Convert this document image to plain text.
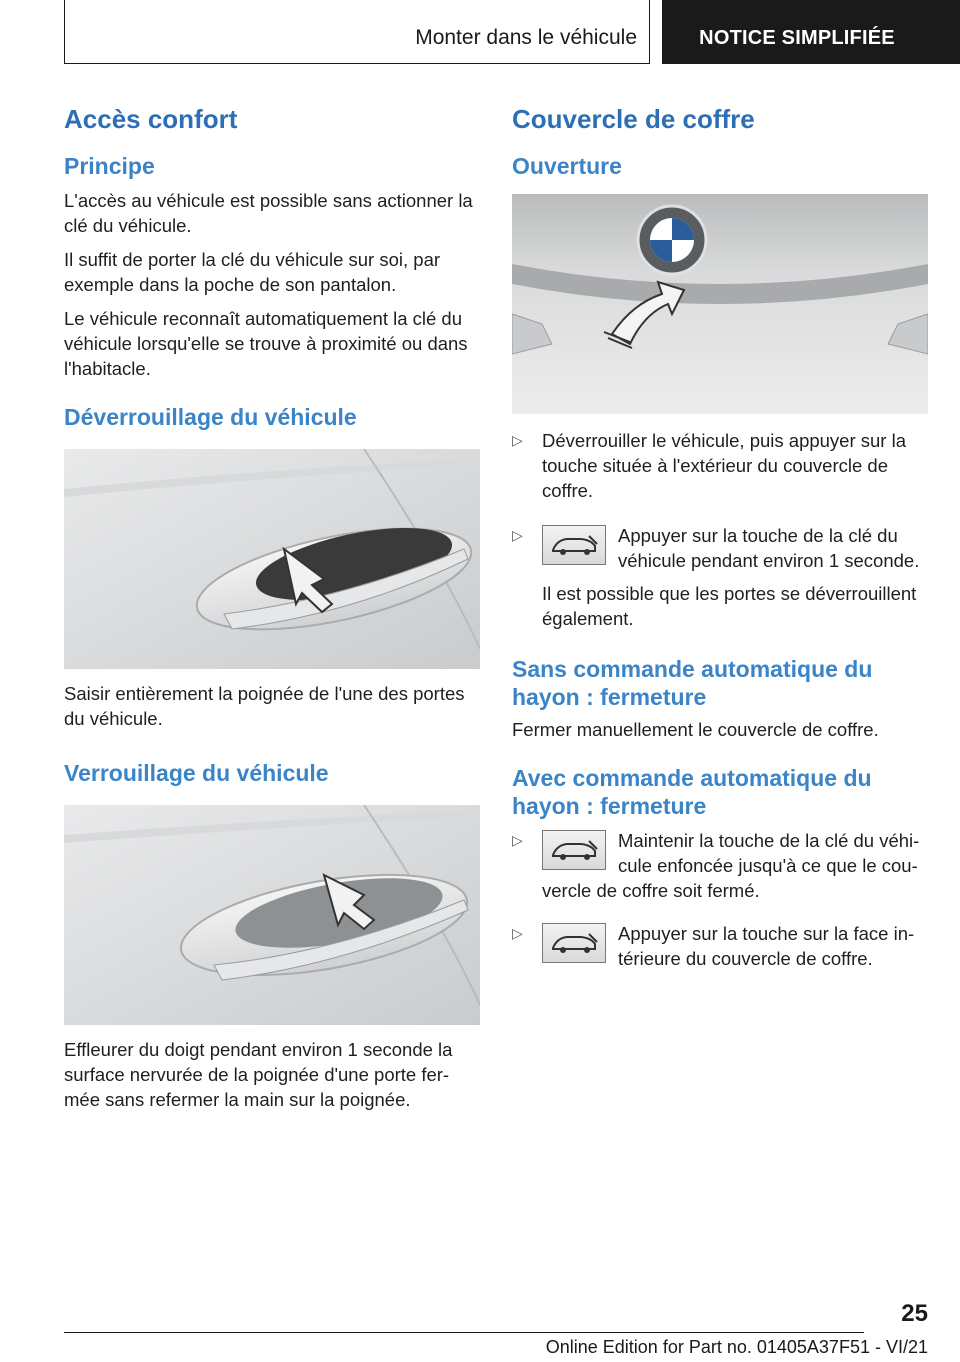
Monter dans le véhicule	NOTICE SIMPLIFIÉE
Accès confort
Principe

L'accès au véhicule est possible sans actionner la clé du véhicule.

Il suffit de porter la clé du véhicule sur soi, par exemple dans la poche de son pantalon.

Le véhicule reconnaît automatiquement la clé du véhicule lorsqu'elle se trouve à proximité ou dans l'habitacle.

Déverrouillage du véhicule

Saisir entièrement la poignée de l'une des portes du véhicule.

Verrouillage du véhicule

Effleurer du doigt pendant environ 1 seconde la surface nervurée de la poignée d'une porte fer‐mée sans refermer la main sur la poignée.

Couvercle de coffre
Ouverture
▷ Déverrouiller le véhicule, puis appuyer sur la touche située à l'extérieur du couvercle de coffre.
▷	Appuyer sur la touche de la clé du véhicule pendant environ 1 seconde.

Il est possible que les portes se déverrouillent également.

Sans commande automatique du hayon : fermeture

Fermer manuellement le couvercle de coffre.

Avec commande automatique du hayon : fermeture
▷	Maintenir la touche de la clé du véhi‐cule enfoncée jusqu'à ce que le cou‐vercle de coffre soit fermé.
▷	Appuyer sur la touche sur la face in‐térieure du couvercle de coffre.
25
Online Edition for Part no. 01405A37F51 - VI/21
